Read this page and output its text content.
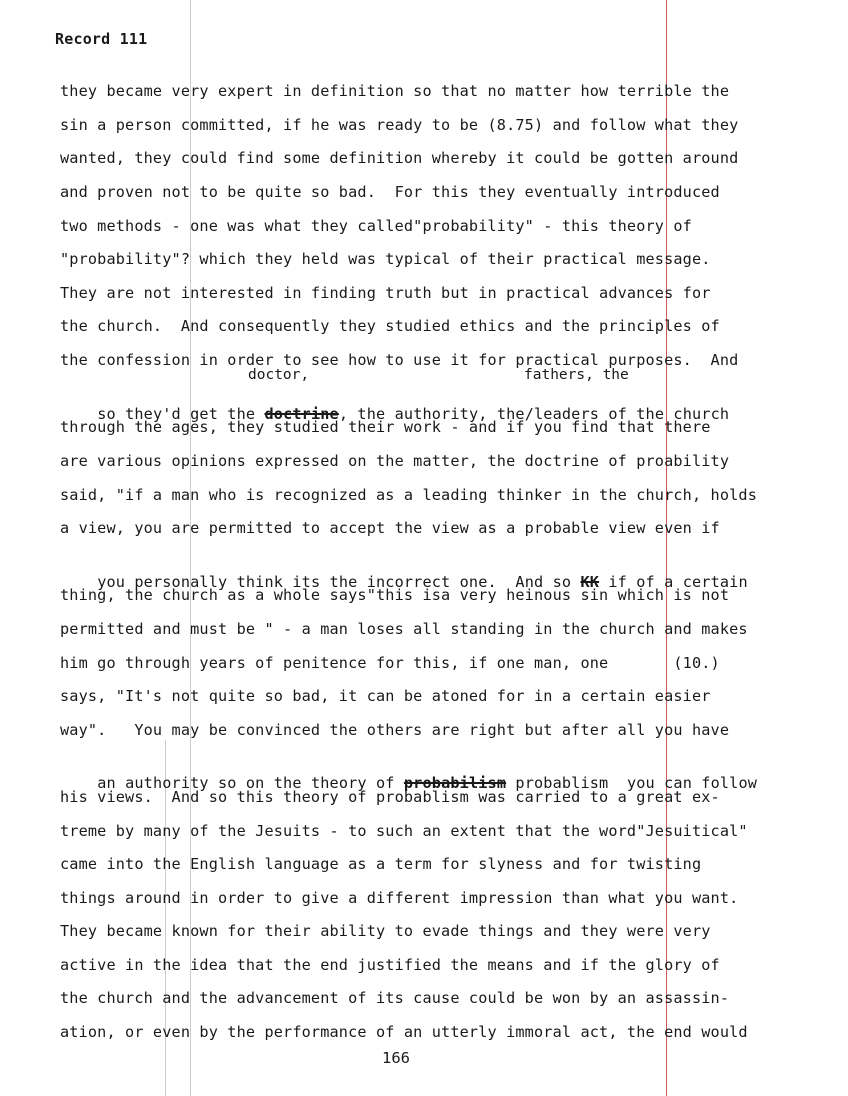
Record 111
they became very expert in definition so that no matter how terrible the
sin a person committed, if he was ready to be (8.75) and follow what they
wanted, they could find some definition whereby it could be gotten around
and proven not to be quite so bad.  For this they eventually introduced
two methods - one was what they called"probability" - this theory of
"probability"? which they held was typical of their practical message.
They are not interested in finding truth but in practical advances for
the church.  And consequently they studied ethics and the principles of
the confession in order to see how to use it for practical purposes.  And
doctor,	fathers, the

so they'd get the doctrine, the authority, the/leaders of the church

through the ages, they studied their work - and if you find that there
are various opinions expressed on the matter, the doctrine of proability
said, "if a man who is recognized as a leading thinker in the church, holds
a view, you are permitted to accept the view as a probable view even if

you personally think its the incorrect one.  And so KK if of a certain

thing, the church as a whole says"this isa very heinous sin which is not
permitted and must be " - a man loses all standing in the church and makes
him go through years of penitence for this, if one man, one       (10.)
says, "It's not quite so bad, it can be atoned for in a certain easier
way".   You may be convinced the others are right but after all you have

an authority so on the theory of probabilism probablism  you can follow

his views.  And so this theory of probablism was carried to a great ex-
treme by many of the Jesuits - to such an extent that the word"Jesuitical"
came into the English language as a term for slyness and for twisting
things around in order to give a different impression than what you want.
They became known for their ability to evade things and they were very
active in the idea that the end justified the means and if the glory of
the church and the advancement of its cause could be won by an assassin-
ation, or even by the performance of an utterly immoral act, the end would
166
